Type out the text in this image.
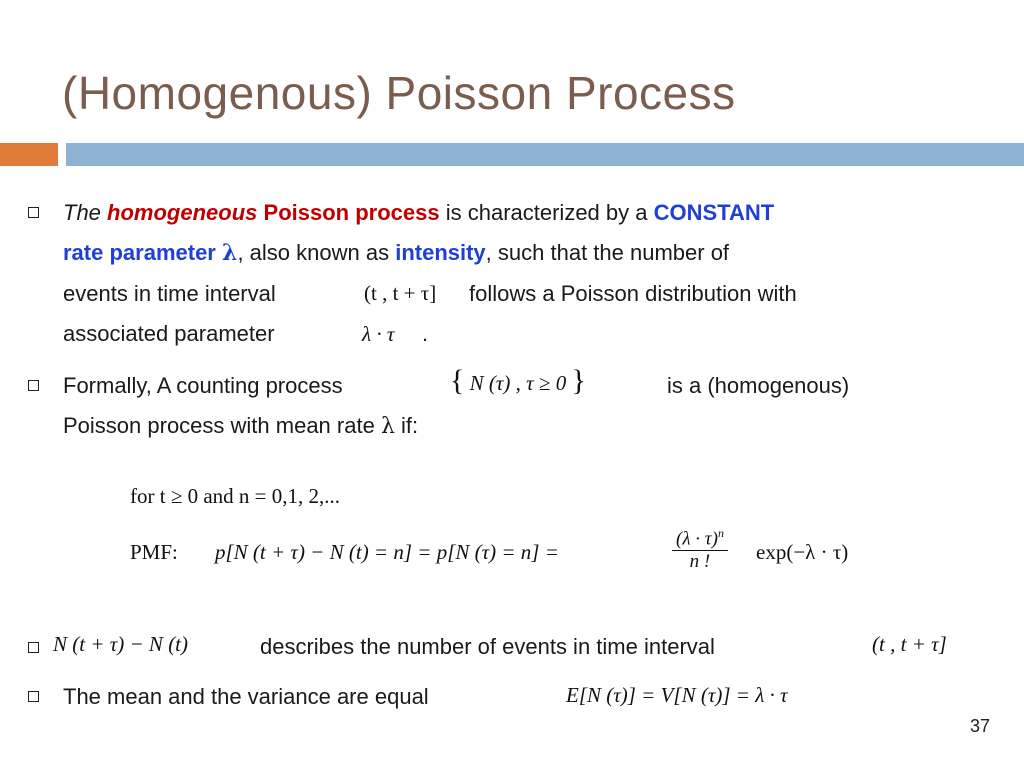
(Homogenous) Poisson Process
The homogeneous Poisson process is characterized by a CONSTANT
rate parameter λ, also known as intensity, such that the number of
events in time interval	(t , t + τ] follows a Poisson distribution with
associated parameter	λ · τ .
Formally, A counting process	{ N (τ) , τ ≥ 0 }	is a (homogenous)
Poisson process with mean rate λ if:
for t ≥ 0 and n = 0,1, 2,...
PMF: p[N (t + τ) − N (t) = n] = p[N (τ) = n] =	$\frac{(\lambda \cdot \tau)^n}{n !} \exp(-\lambda \cdot \tau)$
N (t + τ) − N (t)	describes the number of events in time interval	(t , t + τ]
The mean and the variance are equal	E[N (τ)] = V[N (τ)] = λ · τ
37
